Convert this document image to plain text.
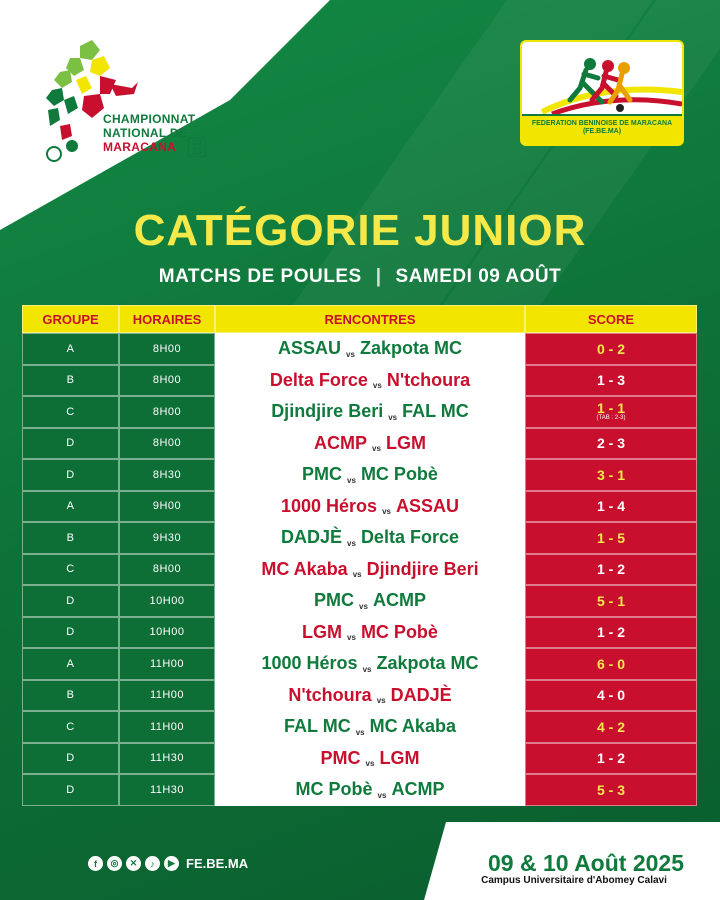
CHAMPIONNAT
NATIONAL DE
MARACANA	20
25
FEDERATION BENINOISE DE MARACANA
(FE.BE.MA)
CATÉGORIE JUNIOR
MATCHS DE POULES | SAMEDI 09 AOÛT
GROUPE	HORAIRES	RENCONTRES	SCORE
A	8H00	ASSAU vs Zakpota MC	0 - 2
B	8H00	Delta Force vs N'tchoura	1 - 3
C	8H00	Djindjire Beri vs FAL MC	1 - 1
(TAB : 2-3)
D	8H00	ACMP vs LGM	2 - 3
D	8H30	PMC vs MC Pobè	3 - 1
A	9H00	1000 Héros vs ASSAU	1 - 4
B	9H30	DADJÈ vs Delta Force	1 - 5
C	8H00	MC Akaba vs Djindjire Beri	1 - 2
D	10H00	PMC vs ACMP	5 - 1
D	10H00	LGM vs MC Pobè	1 - 2
A	11H00	1000 Héros vs Zakpota MC	6 - 0
B	11H00	N'tchoura vs DADJÈ	4 - 0
C	11H00	FAL MC vs MC Akaba	4 - 2
D	11H30	PMC vs LGM	1 - 2
D	11H30	MC Pobè vs ACMP	5 - 3
f	◎	✕	♪	▶ FE.BE.MA	09 & 10 Août 2025
Campus Universitaire d'Abomey Calavi
